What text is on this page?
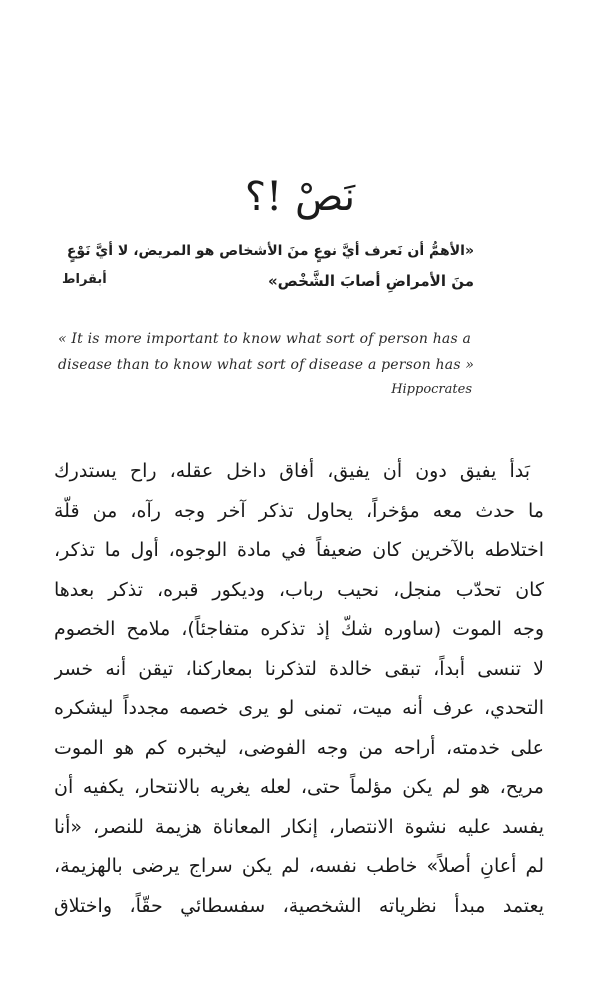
نَصْ !؟
«الأهمُّ أن نَعرف أيَّ نوعٍ منَ الأشخاص هو المريض، لا أيَّ نَوْعٍ
منَ الأمراضِ أصابَ الشَّخْص»
أبقراط
« It is more important to know what sort of person has a
disease than to know what sort of disease a person has »
Hippocrates
بَدأ يفيق دون أن يفيق، أفاق داخل عقله، راح يستدرك
ما حدث معه مؤخراً، يحاول تذكر آخر وجه رآه، من قلّة
اختلاطه بالآخرين كان ضعيفاً في مادة الوجوه، أول ما تذكر،
كان تحدّب منجل، نحيب رباب، وديكور قبره، تذكر بعدها
وجه الموت (ساوره شكّ إذ تذكره متفاجئاً)، ملامح الخصوم
لا تنسى أبداً، تبقى خالدة لتذكرنا بمعاركنا، تيقن أنه خسر
التحدي، عرف أنه ميت، تمنى لو يرى خصمه مجدداً ليشكره
على خدمته، أراحه من وجه الفوضى، ليخبره كم هو الموت
مريح، هو لم يكن مؤلماً حتى، لعله يغريه بالانتحار، يكفيه أن
يفسد عليه نشوة الانتصار، إنكار المعاناة هزيمة للنصر، «أنا
لم أعانِ أصلاً» خاطب نفسه، لم يكن سراج يرضى بالهزيمة،
يعتمد مبدأ نظرياته الشخصية، سفسطائي حقّاً، واختلاق
